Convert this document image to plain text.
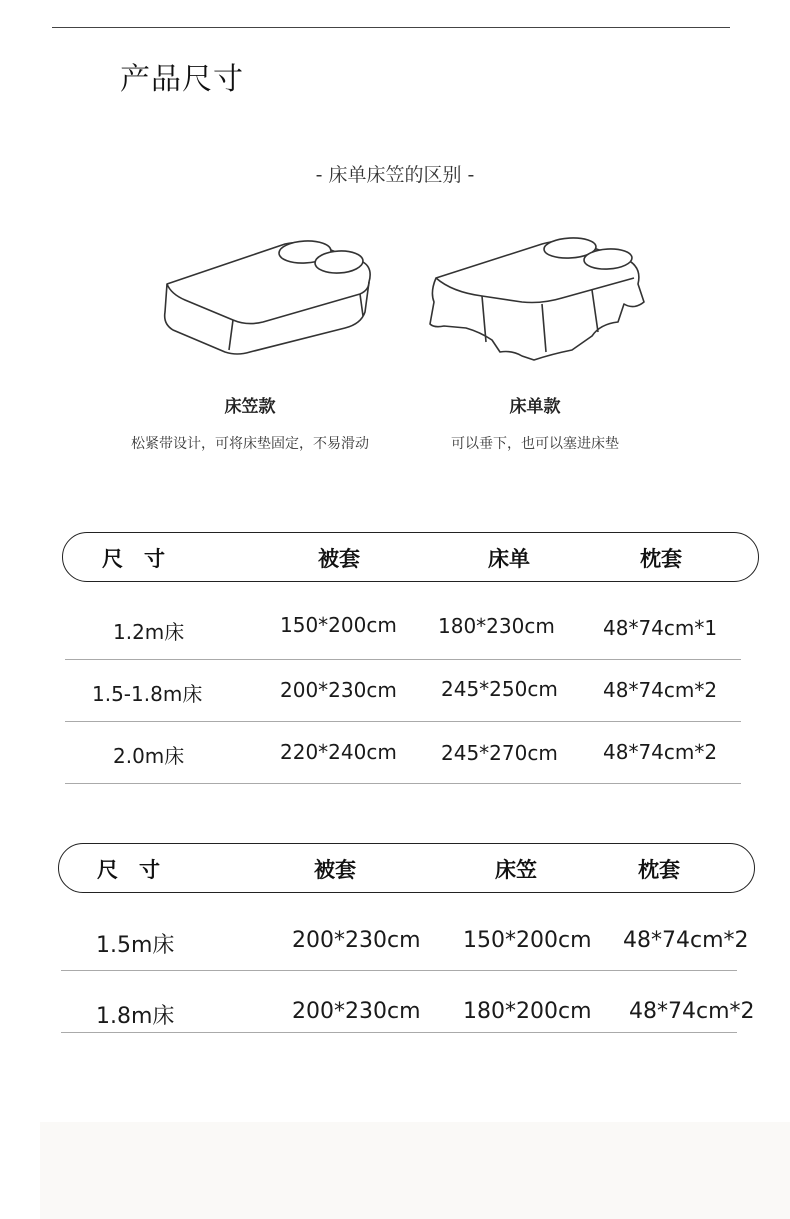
产品尺寸
- 床单床笠的区别 -
床笠款
松紧带设计，可将床垫固定，不易滑动
床单款
可以垂下，也可以塞进床垫
尺　寸	被套	床单	枕套
1.2m床	150*200cm 180*230cm 48*74cm*1
1.5-1.8m床	200*230cm 245*250cm 48*74cm*2
2.0m床	220*240cm 245*270cm 48*74cm*2
尺　寸	被套	床笠	枕套
1.5m床	200*230cm 150*200cm 48*74cm*2
1.8m床	200*230cm 180*200cm 48*74cm*2
